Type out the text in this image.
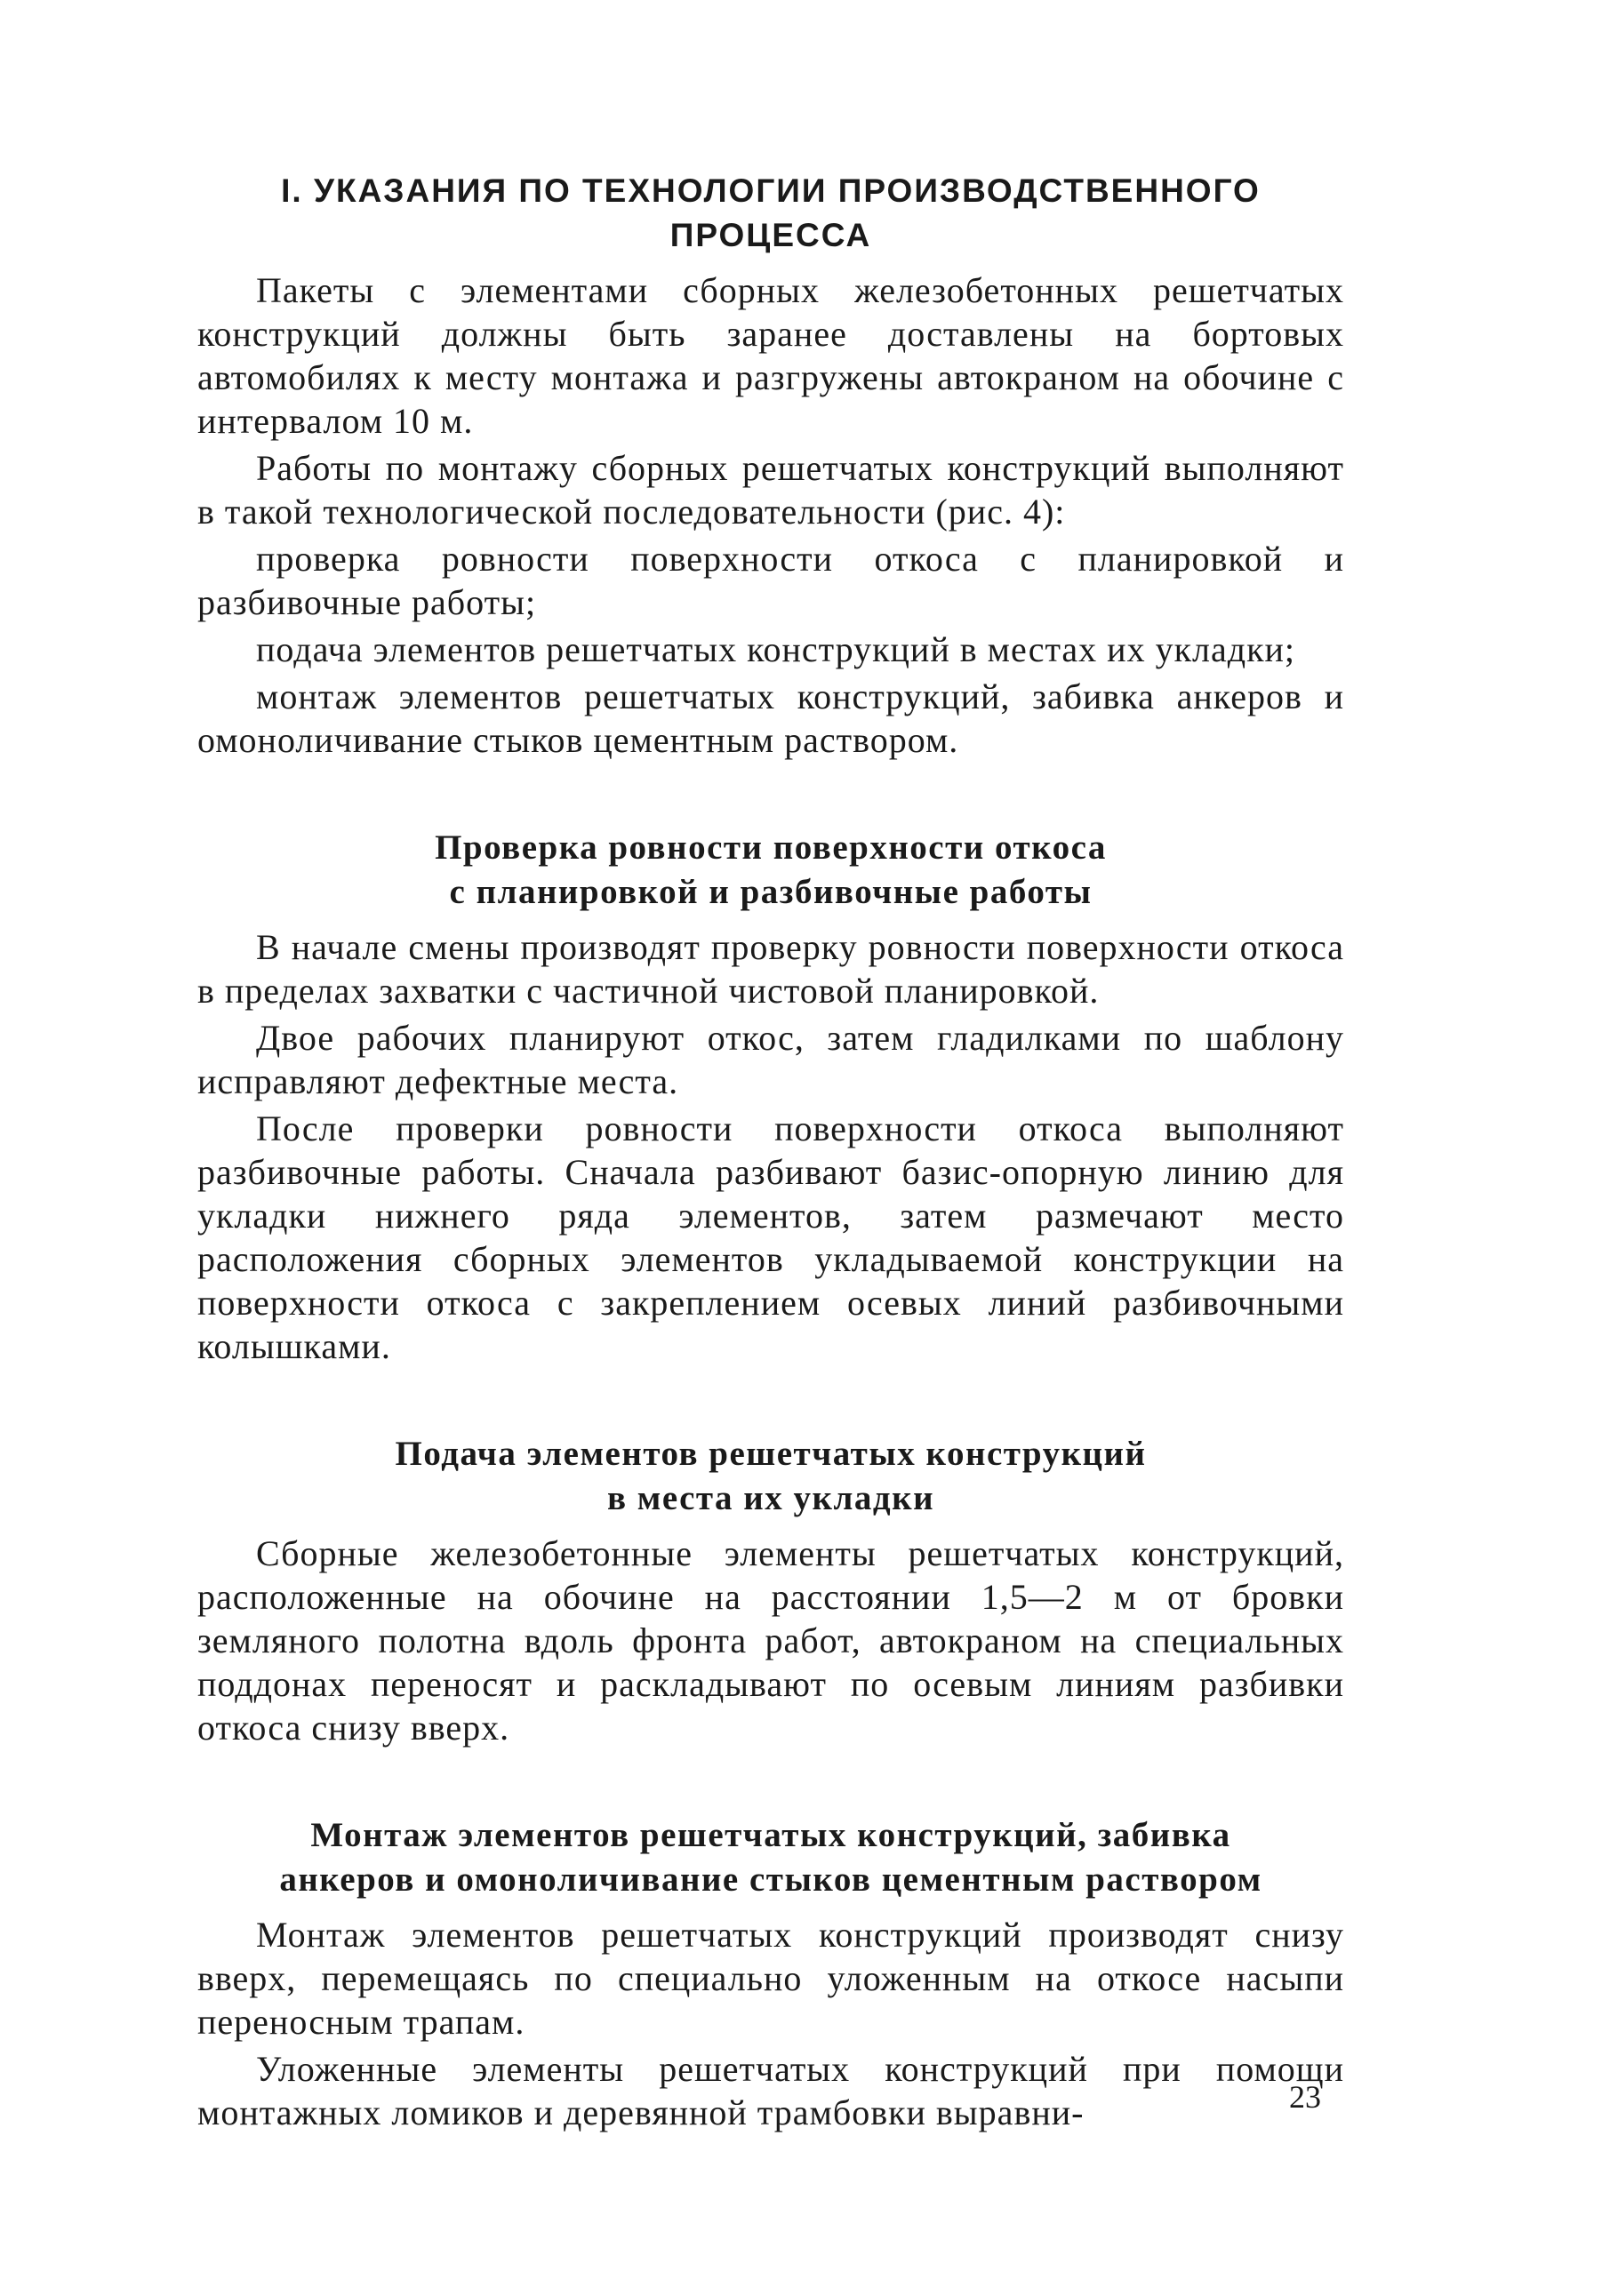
I. УКАЗАНИЯ ПО ТЕХНОЛОГИИ ПРОИЗВОДСТВЕННОГО
ПРОЦЕССА

Пакеты с элементами сборных железобетонных решетчатых конструкций должны быть заранее доставлены на бортовых автомобилях к месту монтажа и разгружены автокраном на обочине с интервалом 10 м.

Работы по монтажу сборных решетчатых конструкций выполняют в такой технологической последовательности (рис. 4):

проверка ровности поверхности откоса с планировкой и разбивочные работы;

подача элементов решетчатых конструкций в местах их укладки;

монтаж элементов решетчатых конструкций, забивка анкеров и омоноличивание стыков цементным раствором.

Проверка ровности поверхности откоса
с планировкой и разбивочные работы

В начале смены производят проверку ровности поверхности откоса в пределах захватки с частичной чистовой планировкой.

Двое рабочих планируют откос, затем гладилками по шаблону исправляют дефектные места.

После проверки ровности поверхности откоса выполняют разбивочные работы. Сначала разбивают базис-опорную линию для укладки нижнего ряда элементов, затем размечают место расположения сборных элементов укладываемой конструкции на поверхности откоса с закреплением осевых линий разбивочными колышками.

Подача элементов решетчатых конструкций
в места их укладки

Сборные железобетонные элементы решетчатых конструкций, расположенные на обочине на расстоянии 1,5—2 м от бровки земляного полотна вдоль фронта работ, автокраном на специальных поддонах переносят и раскладывают по осевым линиям разбивки откоса снизу вверх.

Монтаж элементов решетчатых конструкций, забивка
анкеров и омоноличивание стыков цементным раствором

Монтаж элементов решетчатых конструкций производят снизу вверх, перемещаясь по специально уложенным на откосе насыпи переносным трапам.

Уложенные элементы решетчатых конструкций при помощи монтажных ломиков и деревянной трамбовки выравни-	23
